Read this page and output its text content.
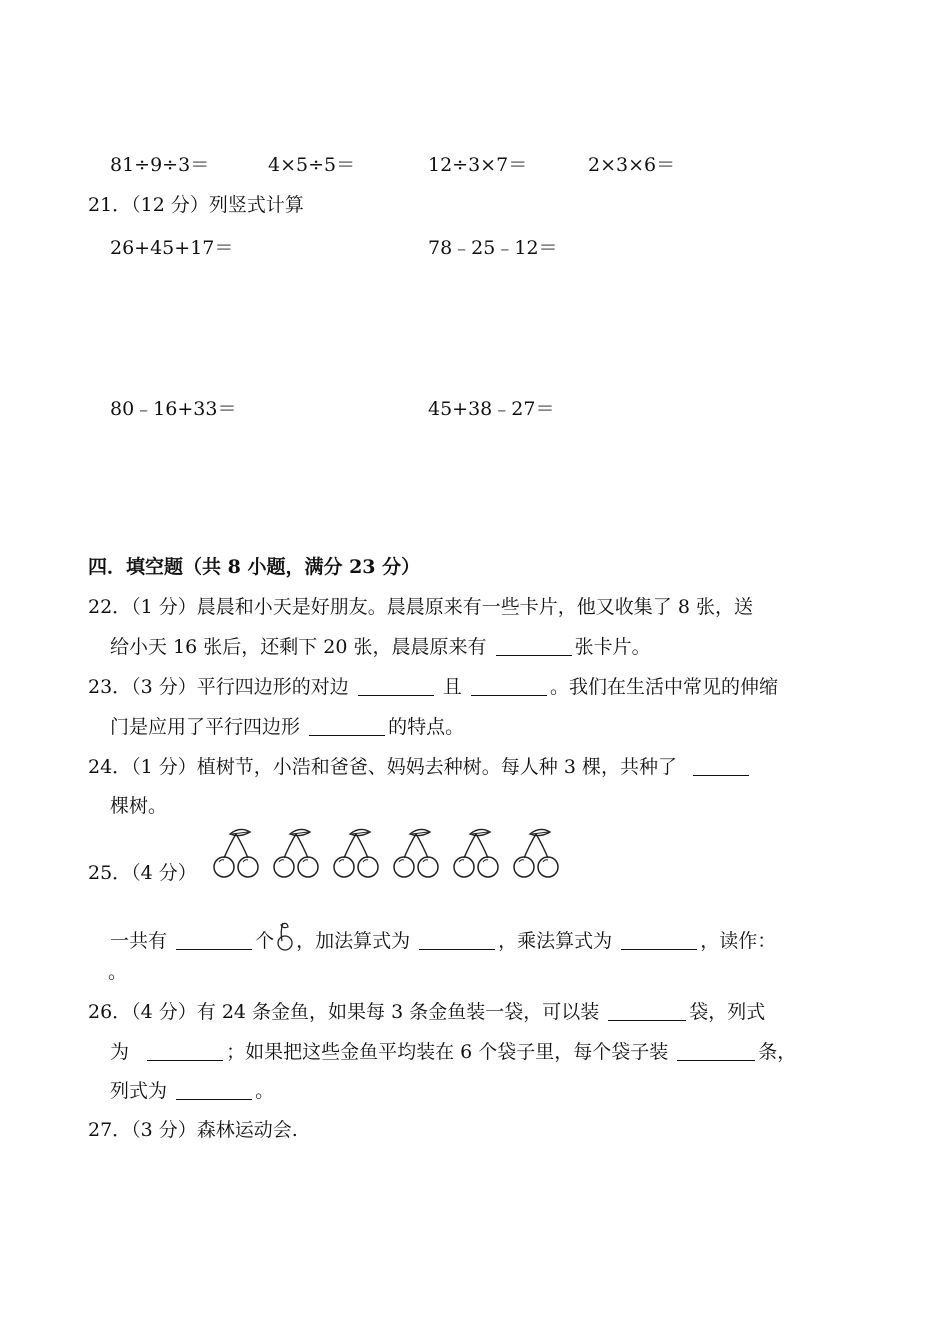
81÷9÷3＝	4×5÷5＝	12÷3×7＝	2×3×6＝
21．（12 分）列竖式计算
26+45+17＝	78﹣25﹣12＝
80﹣16+33＝	45+38﹣27＝
四．填空题（共 8 小题，满分 23 分）
22．（1 分）晨晨和小天是好朋友。晨晨原来有一些卡片，他又收集了 8 张，送
给小天 16 张后，还剩下 20 张，晨晨原来有	张卡片。
23．（3 分）平行四边形的对边	且	。我们在生活中常见的伸缩
门是应用了平行四边形	的特点。
24．（1 分）植树节，小浩和爸爸、妈妈去种树。每人种 3 棵，共种了
棵树。
25．（4 分）
一共有	个 ，加法算式为	，乘法算式为	，读作：
。
26．（4 分）有 24 条金鱼，如果每 3 条金鱼装一袋，可以装	袋，列式
为	；如果把这些金鱼平均装在 6 个袋子里，每个袋子装	条，
列式为	。
27．（3 分）森林运动会.
